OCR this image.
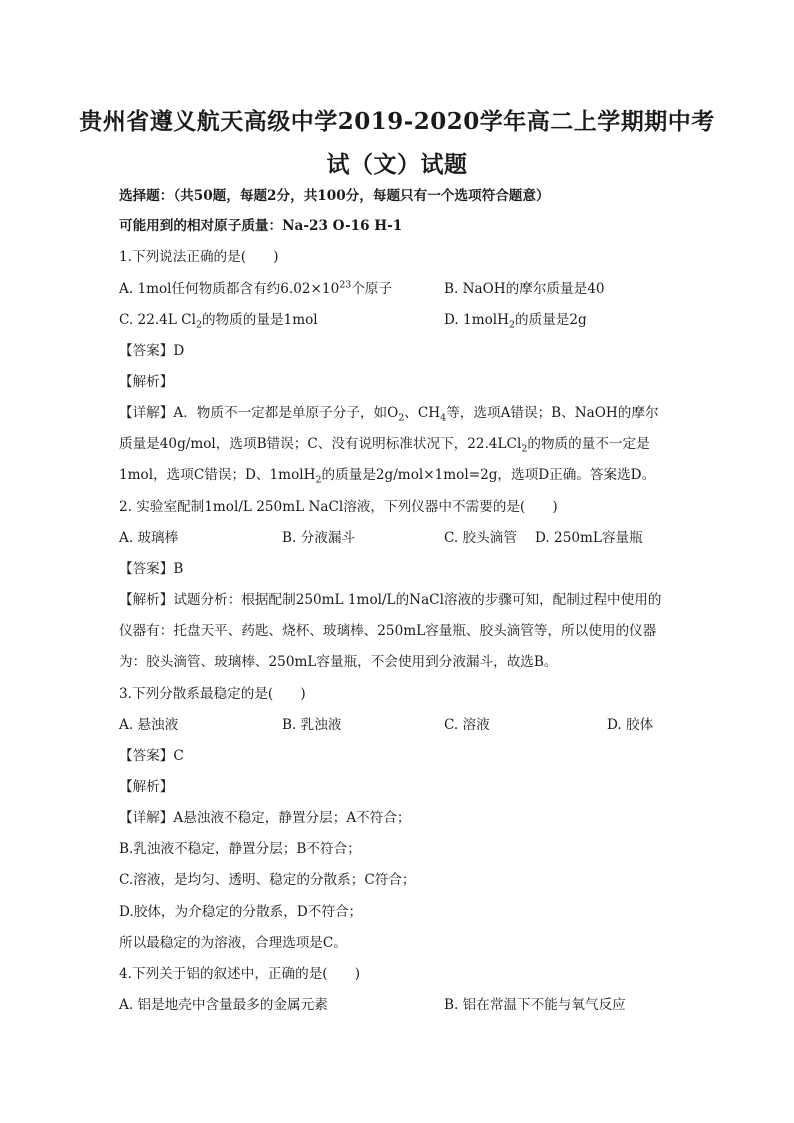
贵州省遵义航天高级中学2019-2020学年高二上学期期中考
试（文）试题
选择题：（共50题，每题2分，共100分，每题只有一个选项符合题意）
可能用到的相对原子质量：Na-23 O-16 H-1
1.下列说法正确的是(　　)
A. 1mol任何物质都含有约$6.02\times 10^{23}$个原子	B. NaOH的摩尔质量是40
C. 22.4L $Cl_2$的物质的量是1mol	D. 1molH$_2$的质量是2g
【答案】D
【解析】
【详解】A．物质不一定都是单原子分子，如$O_2$、$CH_4$等，选项A错误；B、NaOH的摩尔
质量是40g/mol，选项B错误；C、没有说明标准状况下，22.4LCl$_2$的物质的量不一定是
1mol，选项C错误；D、1molH$_2$的质量是2g/mol×1mol=2g，选项D正确。答案选D。
2. 实验室配制1mol/L 250mL NaCl溶液，下列仪器中不需要的是(　　)
A. 玻璃棒	B. 分液漏斗	C. 胶头滴管 D. 250mL容量瓶
【答案】B
【解析】试题分析：根据配制250mL 1mol/L的NaCl溶液的步骤可知，配制过程中使用的
仪器有：托盘天平、药匙、烧杯、玻璃棒、250mL容量瓶、胶头滴管等，所以使用的仪器
为：胶头滴管、玻璃棒、250mL容量瓶，不会使用到分液漏斗，故选B。
3.下列分散系最稳定的是(　　)
A. 悬浊液	B. 乳浊液	C. 溶液	D. 胶体
【答案】C
【解析】
【详解】A悬浊液不稳定，静置分层；A不符合；
B.乳浊液不稳定，静置分层；B不符合；
C.溶液，是均匀、透明、稳定的分散系；C符合；
D.胶体，为介稳定的分散系，D不符合；
所以最稳定的为溶液，合理选项是C。
4.下列关于铝的叙述中，正确的是(　　)
A. 铝是地壳中含量最多的金属元素	B. 铝在常温下不能与氧气反应
